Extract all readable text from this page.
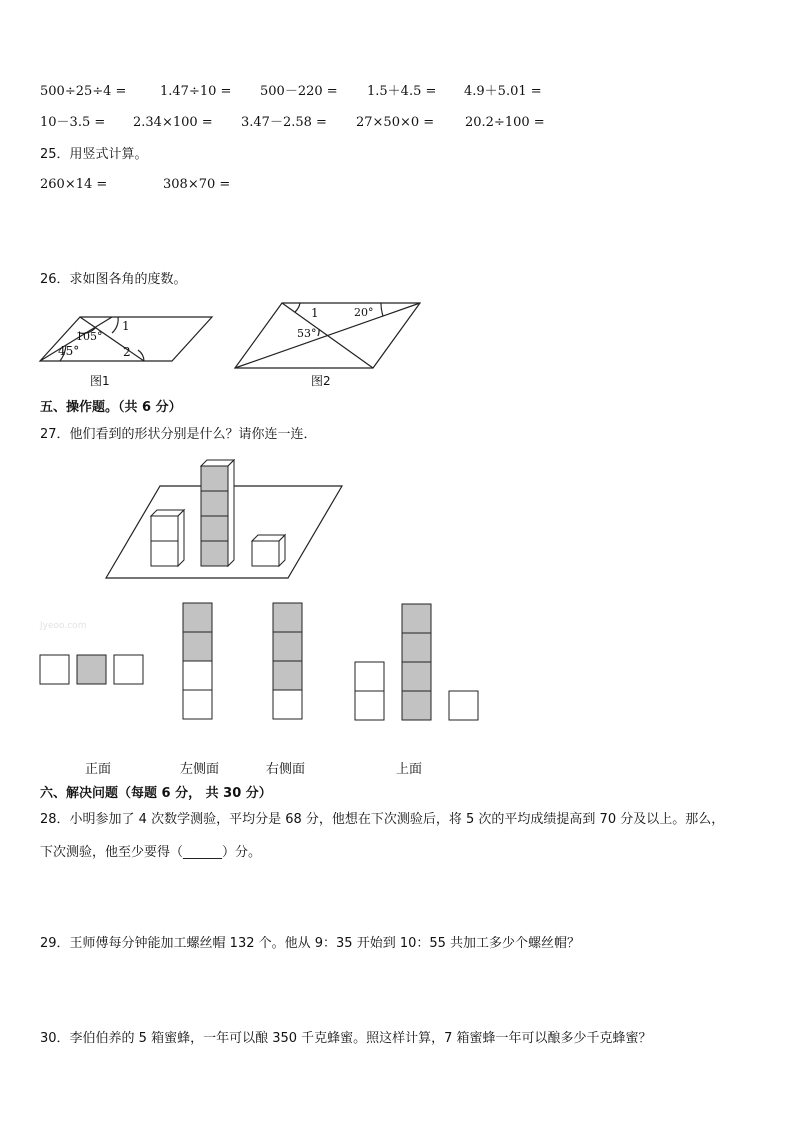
500÷25÷4 =	1.47÷10 = 500－220 = 1.5＋4.5 = 4.9＋5.01 =
10－3.5 = 2.34×100 = 3.47－2.58 = 27×50×0 = 20.2÷100 =
25．用竖式计算。
260×14 =	308×70 =
26．求如图各角的度数。
105°
45°
1
2
图1
1	20°
53°
图2
五、操作题。（共 6 分）
27．他们看到的形状分别是什么？请你连一连．
Jyeoo.com
正面	左侧面	右侧面	上面
六、解决问题（每题 6 分， 共 30 分）
28．小明参加了 4 次数学测验，平均分是 68 分，他想在下次测验后，将 5 次的平均成绩提高到 70 分及以上。那么，
下次测验，他至少要得（______）分。
29．王师傅每分钟能加工螺丝帽 132 个。他从 9：35 开始到 10：55 共加工多少个螺丝帽？
30．李伯伯养的 5 箱蜜蜂，一年可以酿 350 千克蜂蜜。照这样计算，7 箱蜜蜂一年可以酿多少千克蜂蜜？
